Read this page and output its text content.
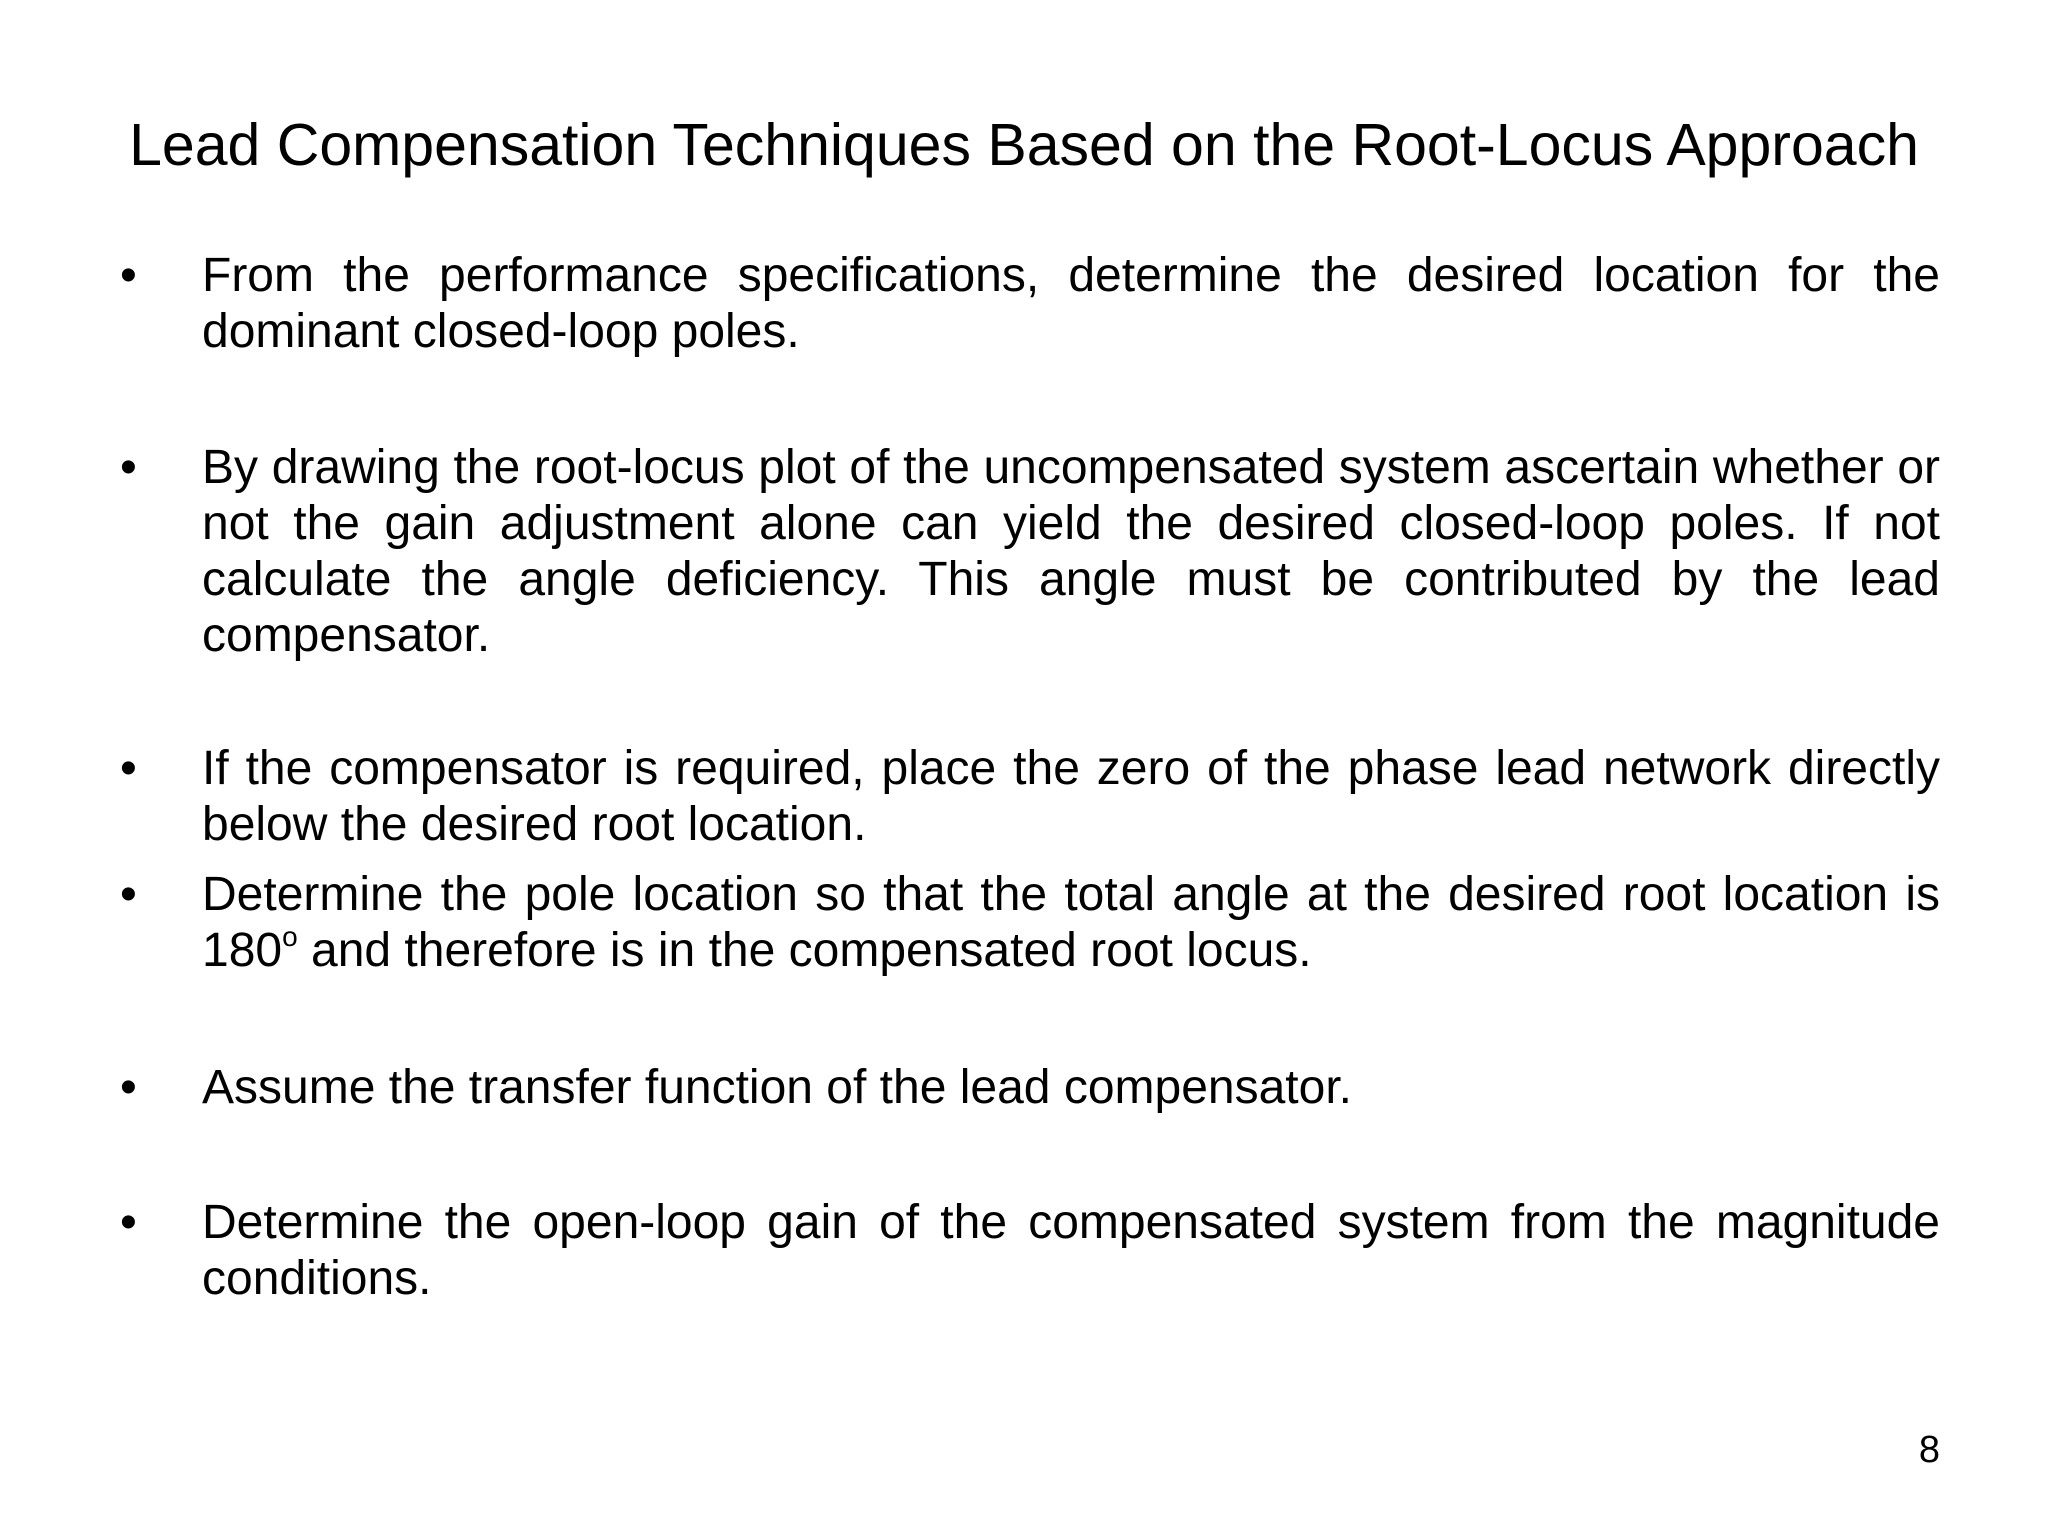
Lead Compensation Techniques Based on the Root-Locus Approach
• From the performance specifications, determine the desired location for the dominant closed-loop poles.
• By drawing the root-locus plot of the uncompensated system ascertain whether or not the gain adjustment alone can yield the desired closed-loop poles. If not calculate the angle deficiency. This angle must be contributed by the lead compensator.
• If the compensator is required, place the zero of the phase lead network directly below the desired root location.
• Determine the pole location so that the total angle at the desired root location is 180$^o$ and therefore is in the compensated root locus.
• Assume the transfer function of the lead compensator.
• Determine the open-loop gain of the compensated system from the magnitude conditions.
8
